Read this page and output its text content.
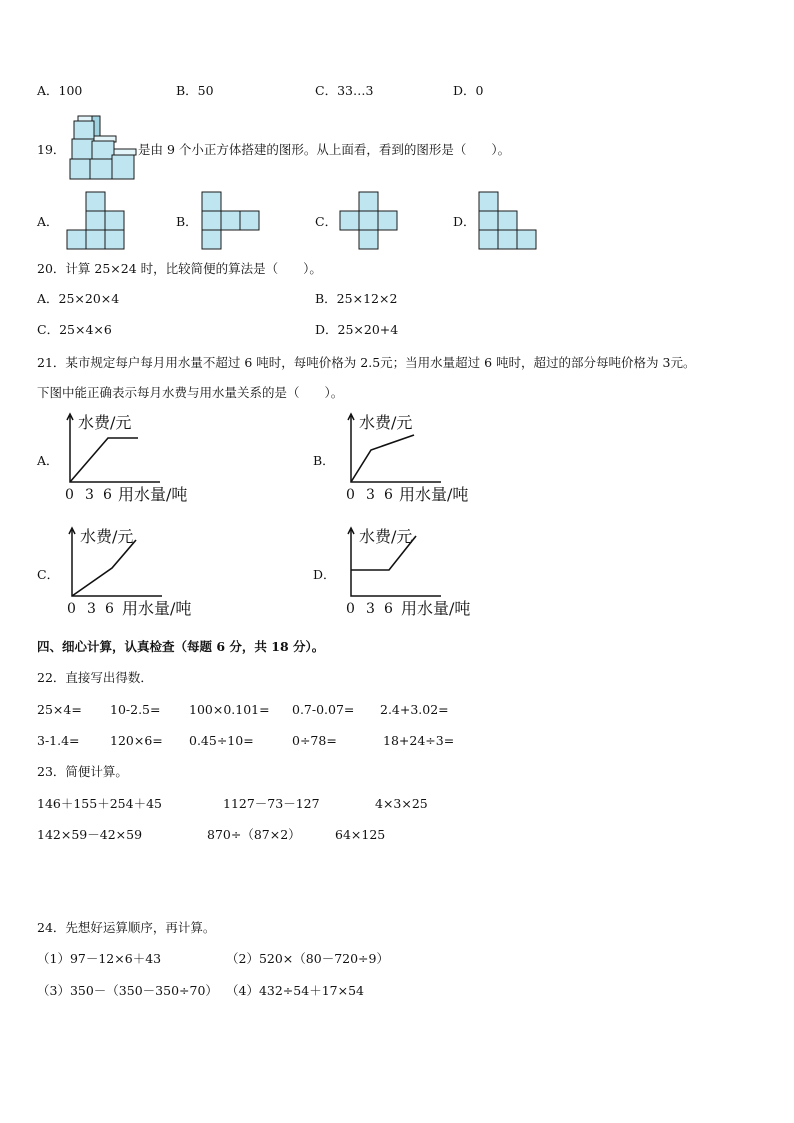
A．100	B．50	C．33…3	D．0
19．	是由 9 个小正方体搭建的图形。从上面看，看到的图形是（　　）。
A．	B．	C．	D．
20．计算 25×24 时，比较简便的算法是（　　）。
A．25×20×4	B．25×12×2
C．25×4×6	D．25×20+4
21．某市规定每户每月用水量不超过 6 吨时，每吨价格为 2.5元；当用水量超过 6 吨时，超过的部分每吨价格为 3元。
下图中能正确表示每月水费与用水量关系的是（　　）。
A．
水费/元
0 3 6 用水量/吨
B．
水费/元
0 3 6 用水量/吨
C．
水费/元
0 3 6 用水量/吨
D．
水费/元
0 3 6 用水量/吨
四、细心计算，认真检查（每题 6 分，共 18 分）。
22．直接写出得数．
25×4= 10-2.5= 100×0.101= 0.7-0.07= 2.4+3.02=
3-1.4= 120×6= 0.45÷10=	0÷78=	18+24÷3=
23．简便计算。
146＋155＋254＋45	1127－73－127	4×3×25
142×59－42×59	870÷（87×2）	64×125
24．先想好运算顺序，再计算。
（1）97－12×6＋43	（2）520×（80－720÷9）
（3）350－（350－350÷70） （4）432÷54＋17×54
